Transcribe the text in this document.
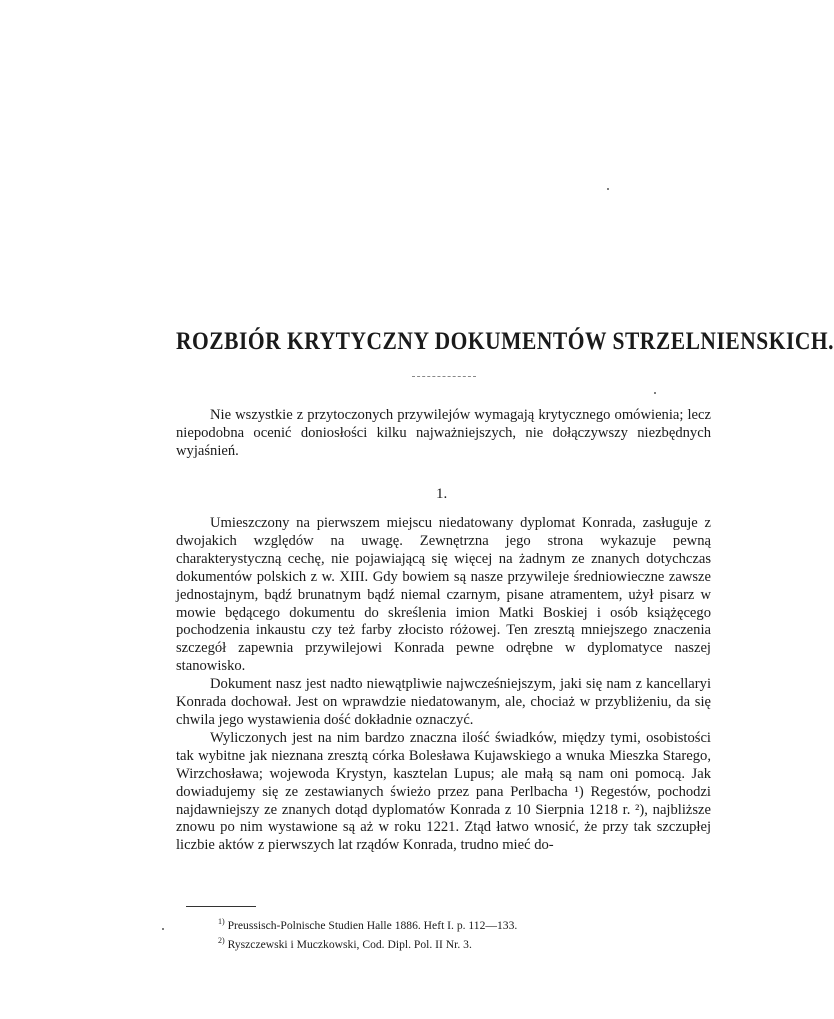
ROZBIÓR KRYTYCZNY DOKUMENTÓW STRZELNIENSKICH.

Nie wszystkie z przytoczonych przywilejów wymagają krytycznego omówienia; lecz niepodobna ocenić doniosłości kilku najważniejszych, nie dołączywszy niezbędnych wyjaśnień.

1.

Umieszczony na pierwszem miejscu niedatowany dyplomat Konrada, zasługuje z dwojakich względów na uwagę. Zewnętrzna jego strona wykazuje pewną charakterystyczną cechę, nie pojawiającą się więcej na żadnym ze znanych dotychczas dokumentów polskich z w. XIII. Gdy bowiem są nasze przywileje średniowieczne zawsze jednostajnym, bądź brunatnym bądź niemal czarnym, pisane atramentem, użył pisarz w mowie będącego dokumentu do skreślenia imion Matki Boskiej i osób książęcego pochodzenia inkaustu czy też farby złocisto różowej. Ten zresztą mniejszego znaczenia szczegół zapewnia przywilejowi Konrada pewne odrębne w dyplomatyce naszej stanowisko.

Dokument nasz jest nadto niewątpliwie najwcześniejszym, jaki się nam z kancellaryi Konrada dochował. Jest on wprawdzie niedatowanym, ale, chociaż w przybliżeniu, da się chwila jego wystawienia dość dokładnie oznaczyć.

Wyliczonych jest na nim bardzo znaczna ilość świadków, między tymi, osobistości tak wybitne jak nieznana zresztą córka Bolesława Kujawskiego a wnuka Mieszka Starego, Wirzchosława; wojewoda Krystyn, kasztelan Lupus; ale małą są nam oni pomocą. Jak dowiadujemy się ze zestawianych świeżo przez pana Perlbacha ¹) Regestów, pochodzi najdawniejszy ze znanych dotąd dyplomatów Konrada z 10 Sierpnia 1218 r. ²), najbliższe znowu po nim wystawione są aż w roku 1221. Ztąd łatwo wnosić, że przy tak szczupłej liczbie aktów z pierwszych lat rządów Konrada, trudno mieć do-

$^{1)}$ Preussisch-Polnische Studien Halle 1886. Heft I. p. 112—133.

$^{2)}$ Ryszczewski i Muczkowski, Cod. Dipl. Pol. II Nr. 3.
